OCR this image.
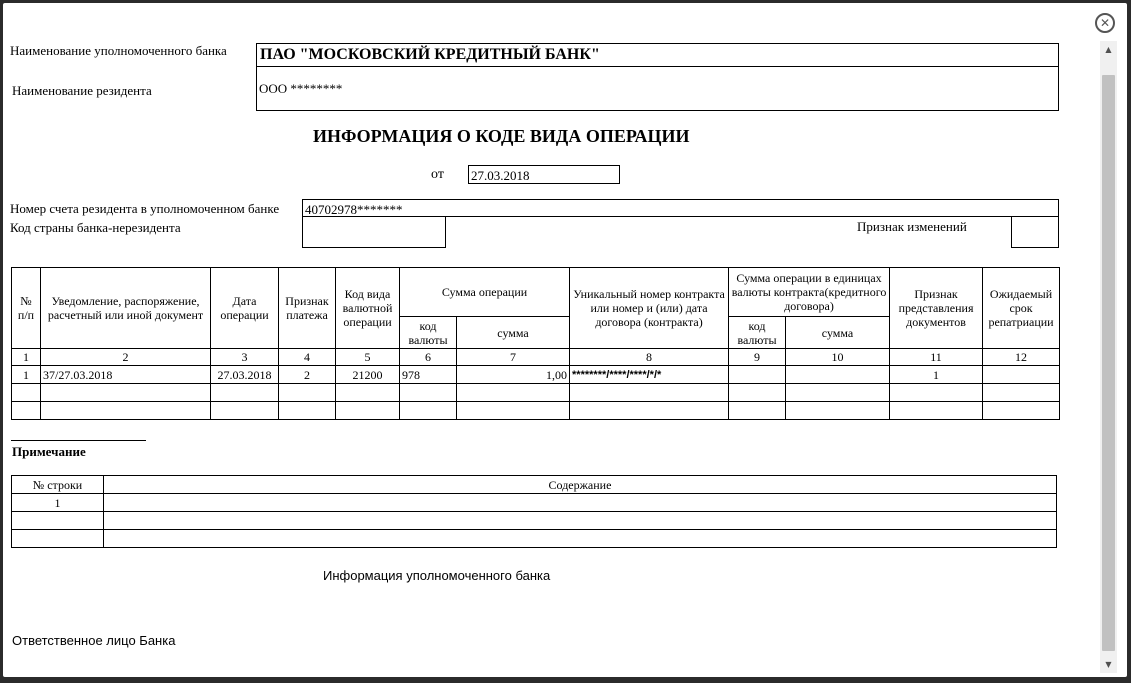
Наименование уполномоченного банка ПАО "МОСКОВСКИЙ КРЕДИТНЫЙ БАНК"
ООО ********
Наименование резидента
ИНФОРМАЦИЯ О КОДЕ ВИДА ОПЕРАЦИИ
от 27.03.2018
Номер счета резидента в уполномоченном банке 40702978*******
Код страны банка-нерезидента	Признак изменений
№ п/п	Уведомление, распоряжение, расчетный или иной документ	Дата операции	Признак платежа	Код вида валютной операции	Сумма операции		Уникальный номер контракта или номер и (или) дата договора (контракта)	Сумма операции в единицах валюты контракта(кредитного договора)		Признак представления документов	Ожидаемый срок репатриации
					код валюты	сумма		код валюты	сумма		
1	2	3	4	5	6	7	8	9	10	11	12
1	37/27.03.2018	27.03.2018	2	21200	978	1,00	********/****/****/*/*			1	

Примечание
№ строки	Содержание
1	

Информация уполномоченного банка
Ответственное лицо Банка
▲
▼
✕
